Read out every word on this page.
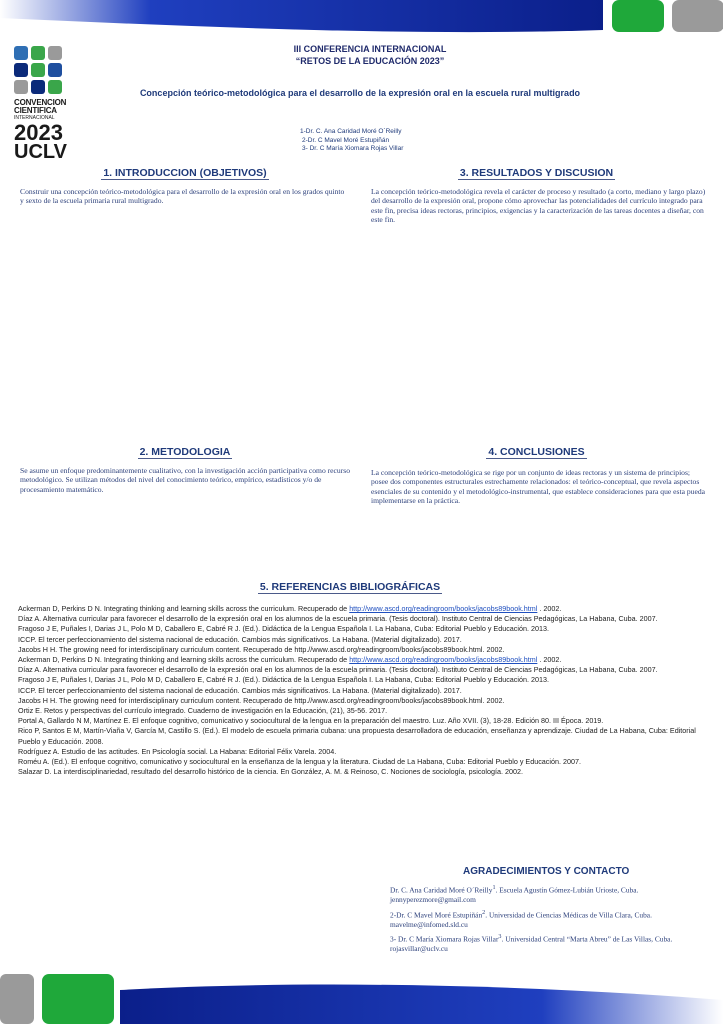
CONVENCION
CIENTIFICA
INTERNACIONAL
2023
UCLV
III CONFERENCIA INTERNACIONAL
“RETOS DE LA EDUCACIÓN 2023”
Concepción teórico-metodológica para el desarrollo de la expresión oral en la escuela rural multigrado
1-Dr. C. Ana Caridad Moré O´Reilly
2-Dr. C Mavel Moré Estupiñán
3- Dr. C María Xiomara Rojas Villar
1. INTRODUCCION (OBJETIVOS)
Construir una concepción teórico-metodológica para el desarrollo de la expresión oral en los grados quinto y sexto de la escuela primaria rural multigrado.
3. RESULTADOS Y DISCUSION
La concepción teórico-metodológica revela el carácter de proceso y resultado (a corto, mediano y largo plazo) del desarrollo de la expresión oral, propone cómo aprovechar las potencialidades del currículo integrado para este fin, precisa ideas rectoras, principios, exigencias y la caracterización de las tareas docentes a diseñar, con este fin.
2. METODOLOGIA
Se asume un enfoque predominantemente cualitativo, con la investigación acción participativa como recurso metodológico. Se utilizan métodos del nivel del conocimiento teórico, empírico, estadísticos y/o de procesamiento matemático.
4. CONCLUSIONES
La concepción teórico-metodológica se rige por un conjunto de ideas rectoras y un sistema de principios; posee dos componentes estructurales estrechamente relacionados: el teórico-conceptual, que revela aspectos esenciales de su contenido y el metodológico-instrumental, que establece consideraciones para que esta pueda implementarse en la práctica.
5. REFERENCIAS BIBLIOGRÁFICAS
Ackerman D, Perkins D N. Integrating thinking and learning skills across the curriculum. Recuperado de http://www.ascd.org/readingroom/books/jacobs89book.html . 2002.
Díaz A. Alternativa curricular para favorecer el desarrollo de la expresión oral en los alumnos de la escuela primaria. (Tesis doctoral). Instituto Central de Ciencias Pedagógicas, La Habana, Cuba. 2007.
Fragoso J E, Puñales I, Darias J L, Polo M D, Caballero E, Cabré R J. (Ed.). Didáctica de la Lengua Española I. La Habana, Cuba: Editorial Pueblo y Educación. 2013.
ICCP. El tercer perfeccionamiento del sistema nacional de educación. Cambios más significativos. La Habana. (Material digitalizado). 2017.
Jacobs H H. The growing need for interdisciplinary curriculum content. Recuperado de http.//www.ascd.org/readingroom/books/jacobs89book.html. 2002.
Ackerman D, Perkins D N. Integrating thinking and learning skills across the curriculum. Recuperado de http://www.ascd.org/readingroom/books/jacobs89book.html . 2002.
Díaz A. Alternativa curricular para favorecer el desarrollo de la expresión oral en los alumnos de la escuela primaria. (Tesis doctoral). Instituto Central de Ciencias Pedagógicas, La Habana, Cuba. 2007.
Fragoso J E, Puñales I, Darias J L, Polo M D, Caballero E, Cabré R J. (Ed.). Didáctica de la Lengua Española I. La Habana, Cuba: Editorial Pueblo y Educación. 2013.
ICCP. El tercer perfeccionamiento del sistema nacional de educación. Cambios más significativos. La Habana. (Material digitalizado). 2017.
Jacobs H H. The growing need for interdisciplinary curriculum content. Recuperado de http.//www.ascd.org/readingroom/books/jacobs89book.html. 2002.
Ortiz E. Retos y perspectivas del currículo integrado. Cuaderno de investigación en la Educación, (21), 35-56. 2017.
Portal A, Gallardo N M, Martínez E. El enfoque cognitivo, comunicativo y sociocultural de la lengua en la preparación del maestro. Luz. Año XVII. (3), 18-28. Edición 80. III Época. 2019.
Rico P, Santos E M, Martín-Viaña V, García M, Castillo S. (Ed.). El modelo de escuela primaria cubana: una propuesta desarrolladora de educación, enseñanza y aprendizaje. Ciudad de La Habana, Cuba: Editorial Pueblo y Educación. 2008.
Rodríguez A. Estudio de las actitudes. En Psicología social. La Habana: Editorial Félix Varela. 2004.
Roméu A. (Ed.). El enfoque cognitivo, comunicativo y sociocultural en la enseñanza de la lengua y la literatura. Ciudad de La Habana, Cuba: Editorial Pueblo y Educación. 2007.
Salazar D. La interdisciplinariedad, resultado del desarrollo histórico de la ciencia. En González, A. M. & Reinoso, C. Nociones de sociología, psicología. 2002.
AGRADECIMIENTOS Y CONTACTO

Dr. C. Ana Caridad Moré O´Reilly$^1$. Escuela Agustín Gómez-Lubián Urioste, Cuba. jennyperezmore@gmail.com

2-Dr. C Mavel Moré Estupiñán$^2$. Universidad de Ciencias Médicas de Villa Clara, Cuba. mavelme@infomed.sld.cu

3- Dr. C María Xiomara Rojas Villar$^3$. Universidad Central “Marta Abreu” de Las Villas, Cuba. rojasvillar@uclv.cu
